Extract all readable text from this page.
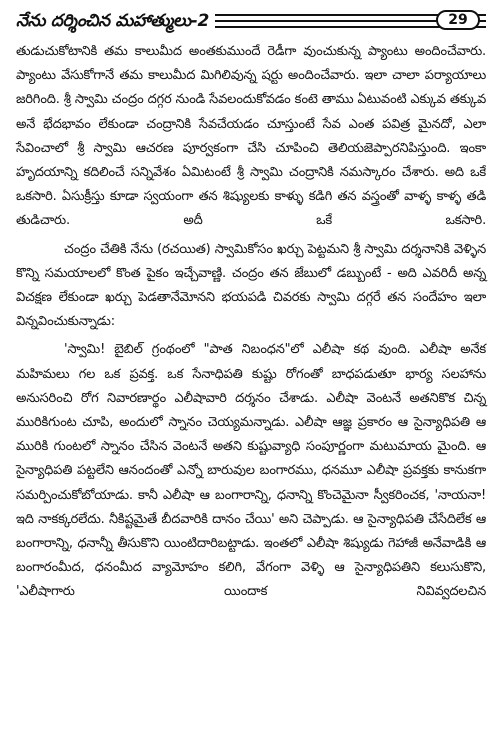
నేను దర్శించిన మహాత్ములు-2	29

తుడుచుకోటానికి తమ కాలుమీద అంతకుముందే రెడీగా వుంచుకున్న ప్యాంటు అందించేవారు. ప్యాంటు వేసుకోగానే తమ కాలుమీద మిగిలివున్న షర్టు అందించేవారు. ఇలా చాలా పర్యాయాలు జరిగింది. శ్రీ స్వామి చంద్రం దగ్గర నుండి సేవలందుకోవడం కంటె తాము ఏటువంటి ఎక్కువ తక్కువ అనే భేదభావం లేకుండా చంద్రానికి సేవచేయడం చూస్తుంటే సేవ ఎంత పవిత్ర మైనదో, ఎలా సేవించాలో శ్రీ స్వామి ఆచరణ పూర్వకంగా చేసి చూపించి తెలియజెప్పారనిపిస్తుంది. ఇంకా హృదయాన్ని కదిలించే సన్నివేశం ఏమిటంటే శ్రీ స్వామి చంద్రానికి నమస్కారం చేశారు. అది ఒకే ఒకసారి. ఏసుక్రీస్తు కూడా స్వయంగా తన శిష్యులకు కాళ్ళు కడిగి తన వస్త్రంతో వాళ్ళ కాళ్ళ తడి తుడిచారు. అదీ ఒకే ఒకసారి.

చంద్రం చేతికి నేను (రచయిత) స్వామికోసం ఖర్చు పెట్టమని శ్రీ స్వామి దర్శనానికి వెళ్ళిన కొన్ని సమయాలలో కొంత పైకం ఇచ్చేవాణ్ణి. చంద్రం తన జేబులో డబ్బుంటే - అది ఎవరిదీ అన్న విచక్షణ లేకుండా ఖర్చు పెడతానేమోనని భయపడి చివరకు స్వామి దగ్గరే తన సందేహం ఇలా విన్నవించుకున్నాడు:

'స్వామి! బైబిల్ గ్రంథంలో "పాత నిబంధన"లో ఎలీషా కథ వుంది. ఎలీషా అనేక మహిమలు గల ఒక ప్రవక్త. ఒక సేనాధిపతి కుష్టు రోగంతో బాధపడుతూ భార్య సలహాను అనుసరించి రోగ నివారణార్థం ఎలీషావారి దర్శనం చేశాడు. ఎలీషా వెంటనే అతనికొక చిన్న మురికిగుంట చూపి, అందులో స్నానం చెయ్యమన్నాడు. ఎలీషా ఆజ్ఞ ప్రకారం ఆ సైన్యాధిపతి ఆ మురికి గుంటలో స్నానం చేసిన వెంటనే అతని కుష్టువ్యాధి సంపూర్ణంగా మటుమాయ మైంది. ఆ సైన్యాధిపతి పట్టలేని ఆనందంతో ఎన్నో బారువుల బంగారము, ధనమూ ఎలీషా ప్రవక్తకు కానుకగా సమర్పించుకోబోయాడు. కానీ ఎలీషా ఆ బంగారాన్ని, ధనాన్ని కొంచెమైనా స్వీకరించక, 'నాయనా! ఇది నాకక్కరలేదు. నీకిష్టమైతే బీదవారికి దానం చేయి' అని చెప్పాడు. ఆ సైన్యాధిపతి చేసేదిలేక ఆ బంగారాన్ని, ధనాన్నీ తీసుకొని యింటిదారిబట్టాడు. ఇంతలో ఎలీషా శిష్యుడు గెహాజీ అనేవాడికి ఆ బంగారంమీద, ధనంమీద వ్యామోహం కలిగి, వేగంగా వెళ్ళి ఆ సైన్యాధిపతిని కలుసుకొని, 'ఎలీషాగారు యిందాక నివివ్వదలచిన
